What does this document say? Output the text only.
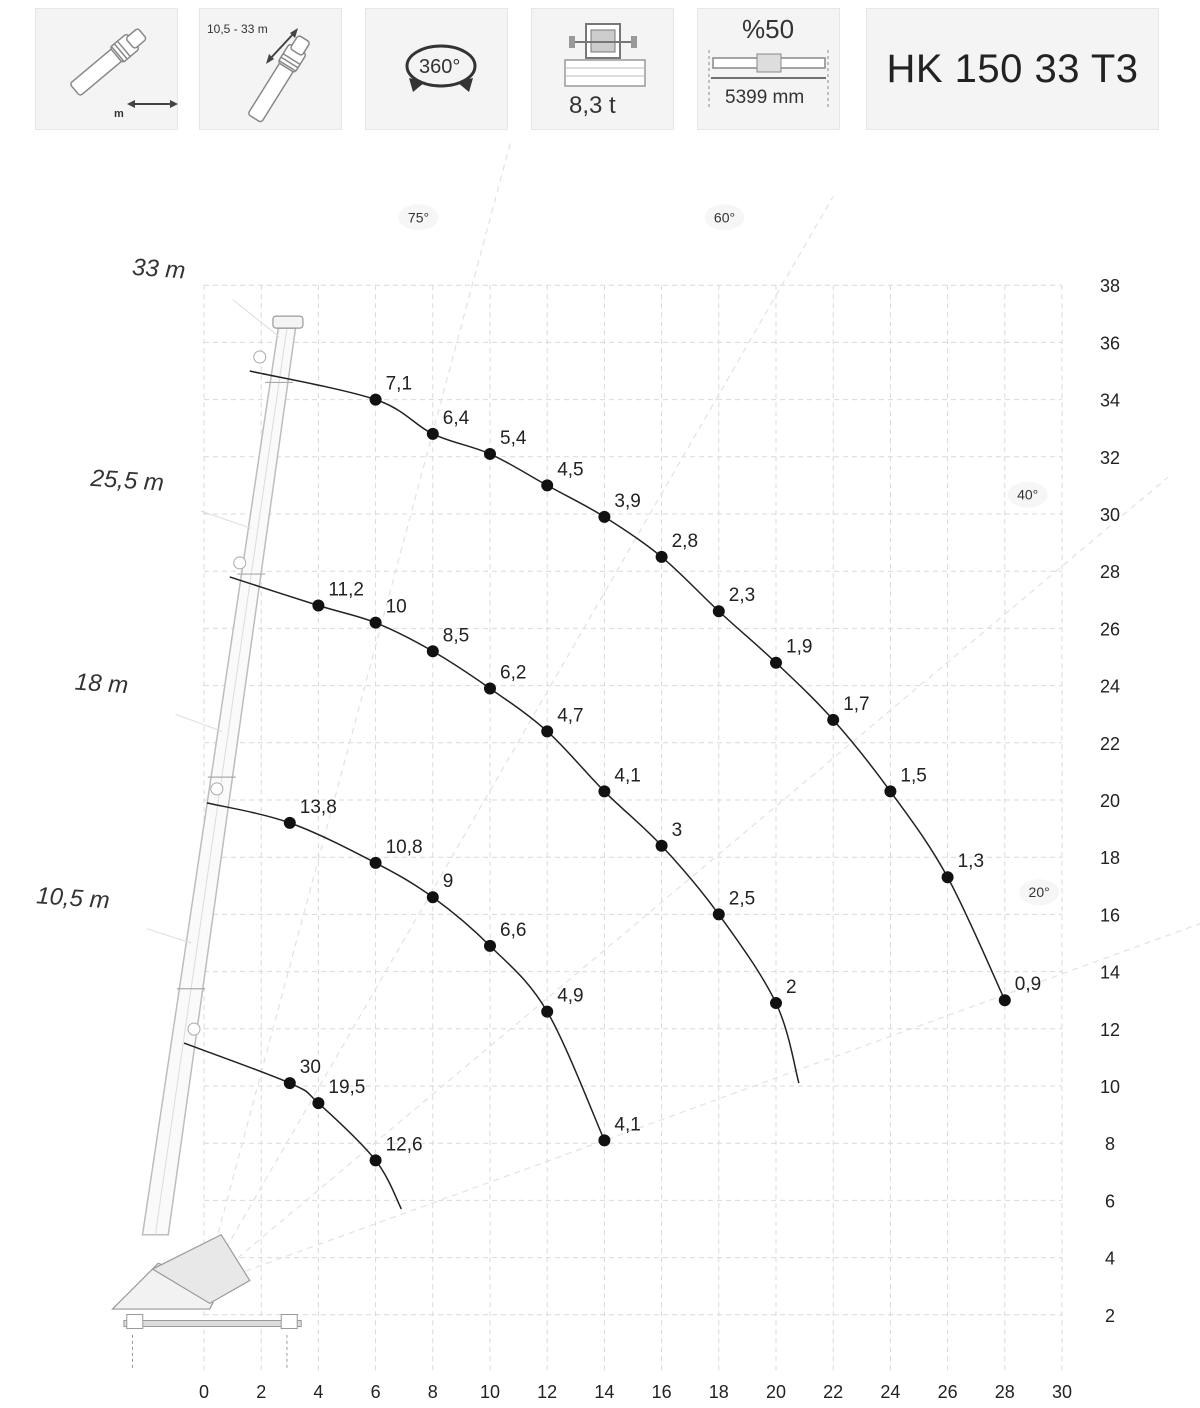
m
10,5 - 33 m
360°
8,3 t
%50
5399 mm
HK 150 33 T3
75°	60°
40°
20°
33 m
25,5 m
18 m
10,5 m
7,1
6,4
5,4
4,5
3,9
2,8
2,3
1,9
1,7
1,5
1,3
0,9
11,2
10
8,5
6,2
4,7
4,1
3
2,5
2
13,8
10,8
9
6,6
4,9
4,1
30
19,5
12,6
0	2	4	6	8 10 12 14 16 18 20 22 24 26 28 30
2
4
6
8
10
12
14
16
18
20
22
24
26
28
30
32
34
36
38
